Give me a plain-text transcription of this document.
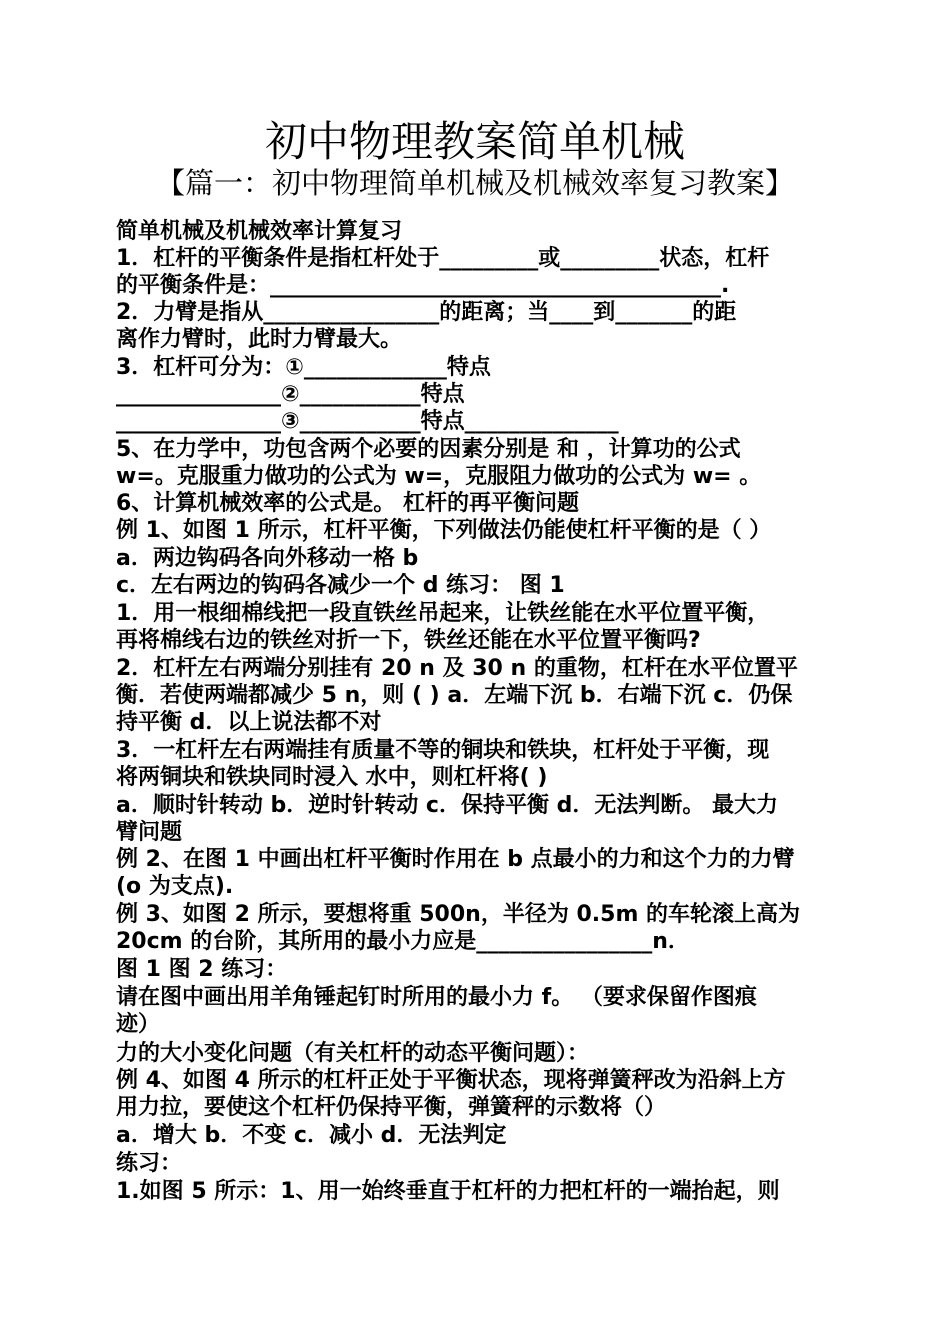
初中物理教案简单机械
【篇一：初中物理简单机械及机械效率复习教案】
简单机械及机械效率计算复习
1．杠杆的平衡条件是指杠杆处于_________或_________状态，杠杆
的平衡条件是：_________________________________________.
2．力臂是指从________________的距离；当____到_______的距
离作力臂时，此时力臂最大。
3．杠杆可分为：①_____________特点
_______________②___________特点
_______________③___________特点______________
5、在力学中，功包含两个必要的因素分别是 和 ，计算功的公式
w=。克服重力做功的公式为 w=，克服阻力做功的公式为 w= 。
6、计算机械效率的公式是。 杠杆的再平衡问题
例 1、如图 1 所示，杠杆平衡，下列做法仍能使杠杆平衡的是（ ）
a．两边钩码各向外移动一格 b
c．左右两边的钩码各减少一个 d 练习： 图 1
1．用一根细棉线把一段直铁丝吊起来，让铁丝能在水平位置平衡，
再将棉线右边的铁丝对折一下，铁丝还能在水平位置平衡吗?
2．杠杆左右两端分别挂有 20 n 及 30 n 的重物，杠杆在水平位置平
衡．若使两端都减少 5 n，则 ( ) a．左端下沉 b．右端下沉 c．仍保
持平衡 d．以上说法都不对
3．一杠杆左右两端挂有质量不等的铜块和铁块，杠杆处于平衡，现
将两铜块和铁块同时浸入 水中，则杠杆将( )
a．顺时针转动 b．逆时针转动 c．保持平衡 d．无法判断。 最大力
臂问题
例 2、在图 1 中画出杠杆平衡时作用在 b 点最小的力和这个力的力臂
(o 为支点).
例 3、如图 2 所示，要想将重 500n，半径为 0.5m 的车轮滚上高为
20cm 的台阶，其所用的最小力应是________________n．
图 1 图 2 练习：
请在图中画出用羊角锤起钉时所用的最小力 f。 （要求保留作图痕
迹）
力的大小变化问题（有关杠杆的动态平衡问题）：
例 4、如图 4 所示的杠杆正处于平衡状态，现将弹簧秤改为沿斜上方
用力拉，要使这个杠杆仍保持平衡，弹簧秤的示数将（）
a．增大 b．不变 c．减小 d．无法判定
练习：
1.如图 5 所示：1、用一始终垂直于杠杆的力把杠杆的一端抬起，则
